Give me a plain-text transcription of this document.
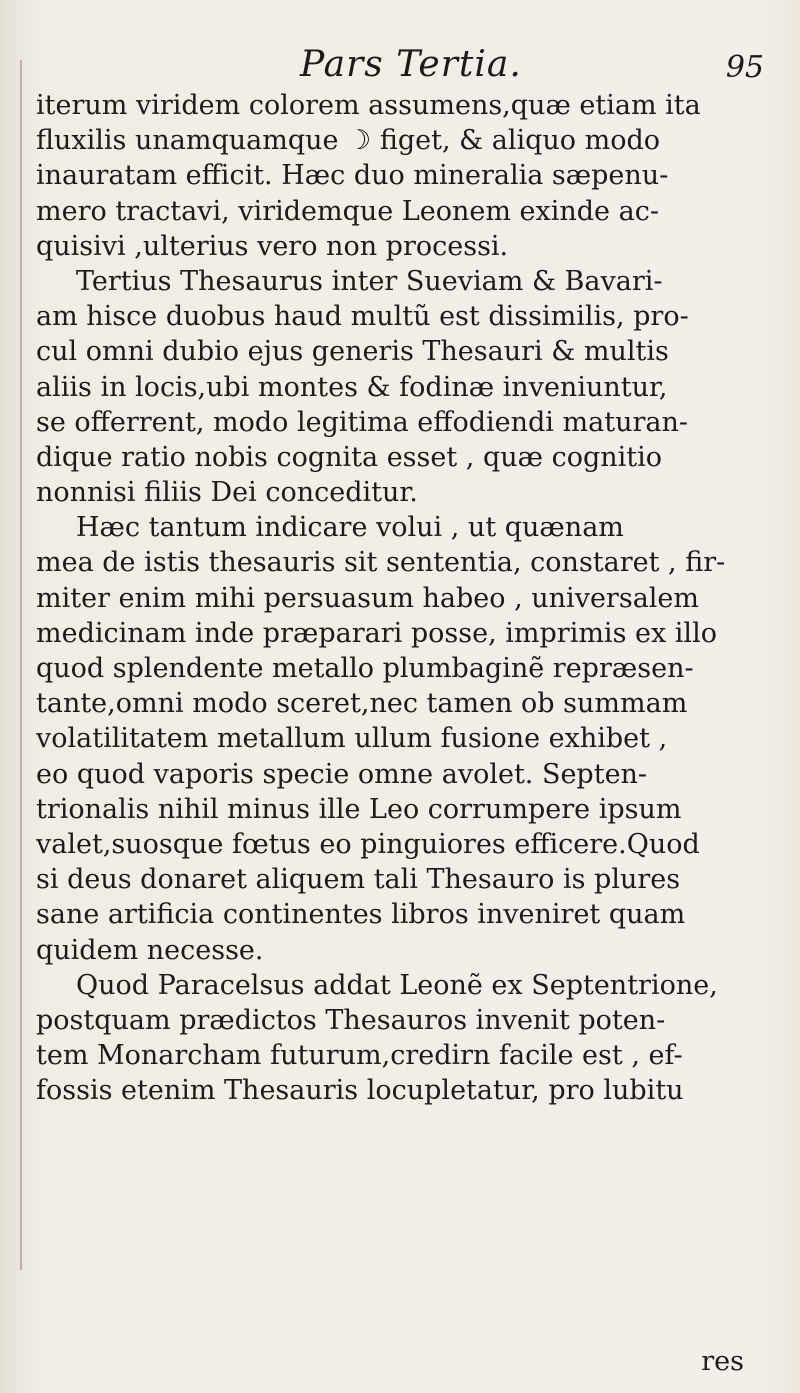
Pars Tertia.	95
iterum viridem colorem assumens,quæ etiam ita
fluxilis unamquamque ☽ figet, & aliquo modo
inauratam efficit. Hæc duo mineralia sæpenu-
mero tractavi, viridemque Leonem exinde ac-
quisivi ,ulterius vero non processi.
Tertius Thesaurus inter Sueviam & Bavari-
am hisce duobus haud multũ est dissimilis, pro-
cul omni dubio ejus generis Thesauri & multis
aliis in locis,ubi montes & fodinæ inveniuntur,
se offerrent, modo legitima effodiendi maturan-
dique ratio nobis cognita esset , quæ cognitio
nonnisi filiis Dei conceditur.
Hæc tantum indicare volui , ut quænam
mea de istis thesauris sit sententia, constaret , fir-
miter enim mihi persuasum habeo , universalem
medicinam inde præparari posse, imprimis ex illo
quod splendente metallo plumbaginẽ repræsen-
tante,omni modo sceret,nec tamen ob summam
volatilitatem metallum ullum fusione exhibet ,
eo quod vaporis specie omne avolet. Septen-
trionalis nihil minus ille Leo corrumpere ipsum
valet,suosque fœtus eo pinguiores efficere.Quod
si deus donaret aliquem tali Thesauro is plures
sane artificia continentes libros inveniret quam
quidem necesse.
Quod Paracelsus addat Leonẽ ex Septentrione,
postquam prædictos Thesauros invenit poten-
tem Monarcham futurum,credirn facile est , ef-
fossis etenim Thesauris locupletatur, pro lubitu
res
